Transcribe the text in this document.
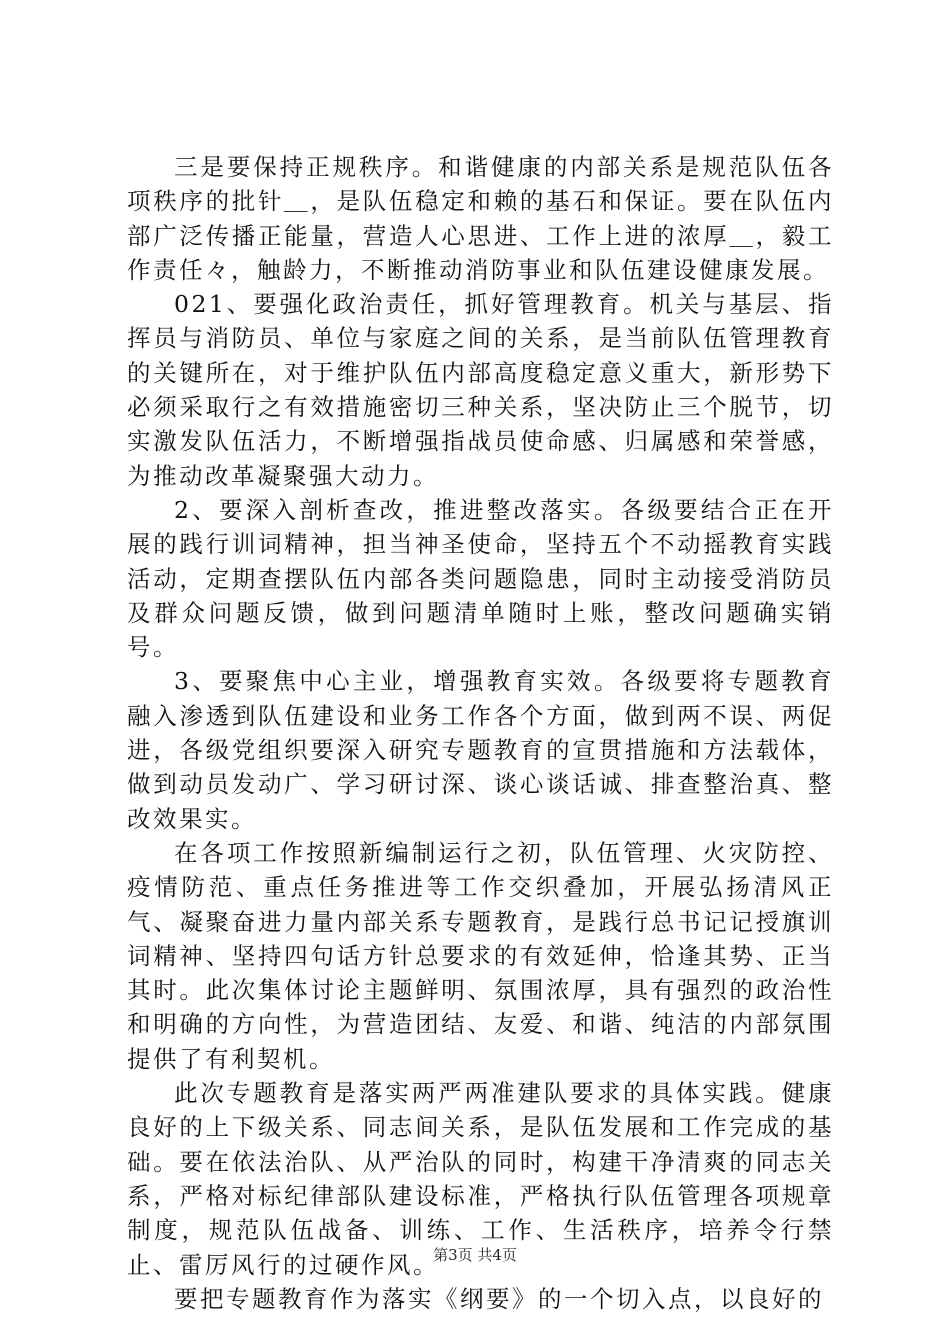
三是要保持正规秩序。和谐健康的内部关系是规范队伍各项秩序的批针＿，是队伍稳定和赖的基石和保证。要在队伍内部广泛传播正能量，营造人心思进、工作上进的浓厚＿，毅工作责任々，触龄力，不断推动消防事业和队伍建设健康发展。

021、要强化政治责任，抓好管理教育。机关与基层、指挥员与消防员、单位与家庭之间的关系，是当前队伍管理教育的关键所在，对于维护队伍内部高度稳定意义重大，新形势下必须采取行之有效措施密切三种关系，坚决防止三个脱节，切实激发队伍活力，不断增强指战员使命感、归属感和荣誉感，为推动改革凝聚强大动力。

2、要深入剖析查改，推进整改落实。各级要结合正在开展的践行训词精神，担当神圣使命，坚持五个不动摇教育实践活动，定期查摆队伍内部各类问题隐患，同时主动接受消防员及群众问题反馈，做到问题清单随时上账，整改问题确实销号。

3、要聚焦中心主业，增强教育实效。各级要将专题教育融入渗透到队伍建设和业务工作各个方面，做到两不误、两促进，各级党组织要深入研究专题教育的宣贯措施和方法载体，做到动员发动广、学习研讨深、谈心谈话诚、排查整治真、整改效果实。

在各项工作按照新编制运行之初，队伍管理、火灾防控、疫情防范、重点任务推进等工作交织叠加，开展弘扬清风正气、凝聚奋进力量内部关系专题教育，是践行总书记记授旗训词精神、坚持四句话方针总要求的有效延伸，恰逢其势、正当其时。此次集体讨论主题鲜明、氛围浓厚，具有强烈的政治性和明确的方向性，为营造团结、友爱、和谐、纯洁的内部氛围提供了有利契机。

此次专题教育是落实两严两准建队要求的具体实践。健康良好的上下级关系、同志间关系，是队伍发展和工作完成的基础。要在依法治队、从严治队的同时，构建干净清爽的同志关系，严格对标纪律部队建设标准，严格执行队伍管理各项规章制度，规范队伍战备、训练、工作、生活秩序，培养令行禁止、雷厉风行的过硬作风。

要把专题教育作为落实《纲要》的一个切入点，以良好的

第3页 共4页
